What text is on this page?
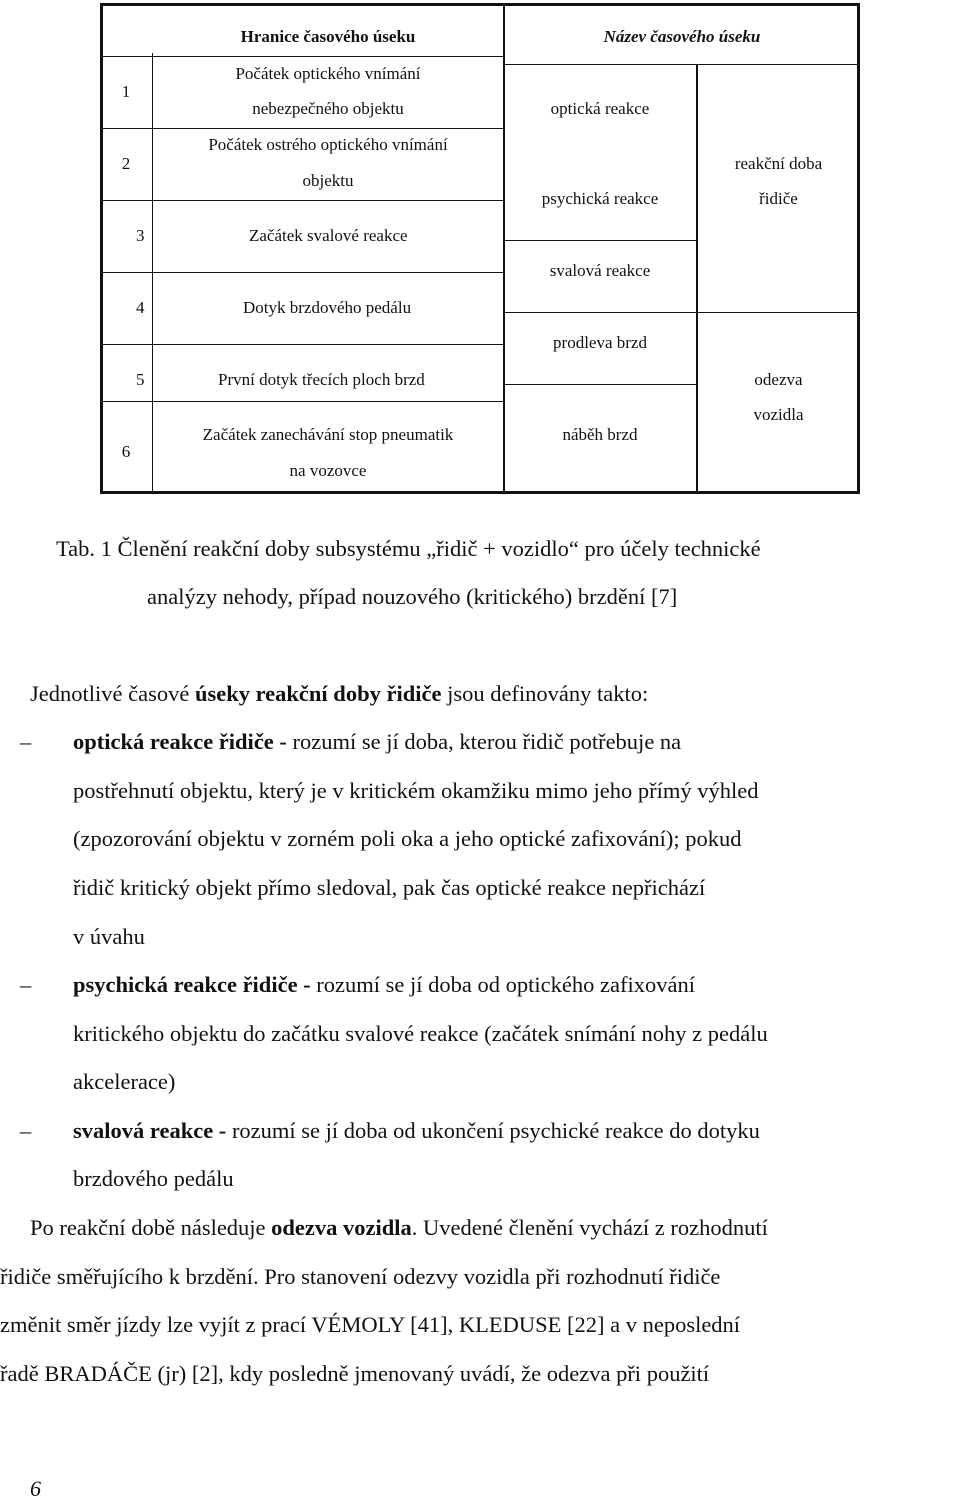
Hranice časového úseku	Název časového úseku
1
2
3
4
5
6
Počátek optického vnímání
nebezpečného objektu
Počátek ostrého optického vnímání
objektu
Začátek svalové reakce
Dotyk brzdového pedálu
První dotyk třecích ploch brzd
Začátek zanechávání stop pneumatik
na vozovce
optická reakce
psychická reakce
svalová reakce
prodleva brzd
náběh brzd
reakční doba
řidiče
odezva
vozidla
Tab. 1 Členění reakční doby subsystému „řidič + vozidlo“ pro účely technické
analýzy nehody, případ nouzového (kritického) brzdění [7]
Jednotlivé časové úseky reakční doby řidiče jsou definovány takto:
– optická reakce řidiče - rozumí se jí doba, kterou řidič potřebuje na
postřehnutí objektu, který je v kritickém okamžiku mimo jeho přímý výhled
(zpozorování objektu v zorném poli oka a jeho optické zafixování); pokud
řidič kritický objekt přímo sledoval, pak čas optické reakce nepřichází
v úvahu
– psychická reakce řidiče - rozumí se jí doba od optického zafixování
kritického objektu do začátku svalové reakce (začátek snímání nohy z pedálu
akcelerace)
– svalová reakce - rozumí se jí doba od ukončení psychické reakce do dotyku
brzdového pedálu
Po reakční době následuje odezva vozidla. Uvedené členění vychází z rozhodnutí
řidiče směřujícího k brzdění. Pro stanovení odezvy vozidla při rozhodnutí řidiče
změnit směr jízdy lze vyjít z prací VÉMOLY [41], KLEDUSE [22] a v neposlední
řadě BRADÁČE (jr) [2], kdy posledně jmenovaný uvádí, že odezva při použití
6
